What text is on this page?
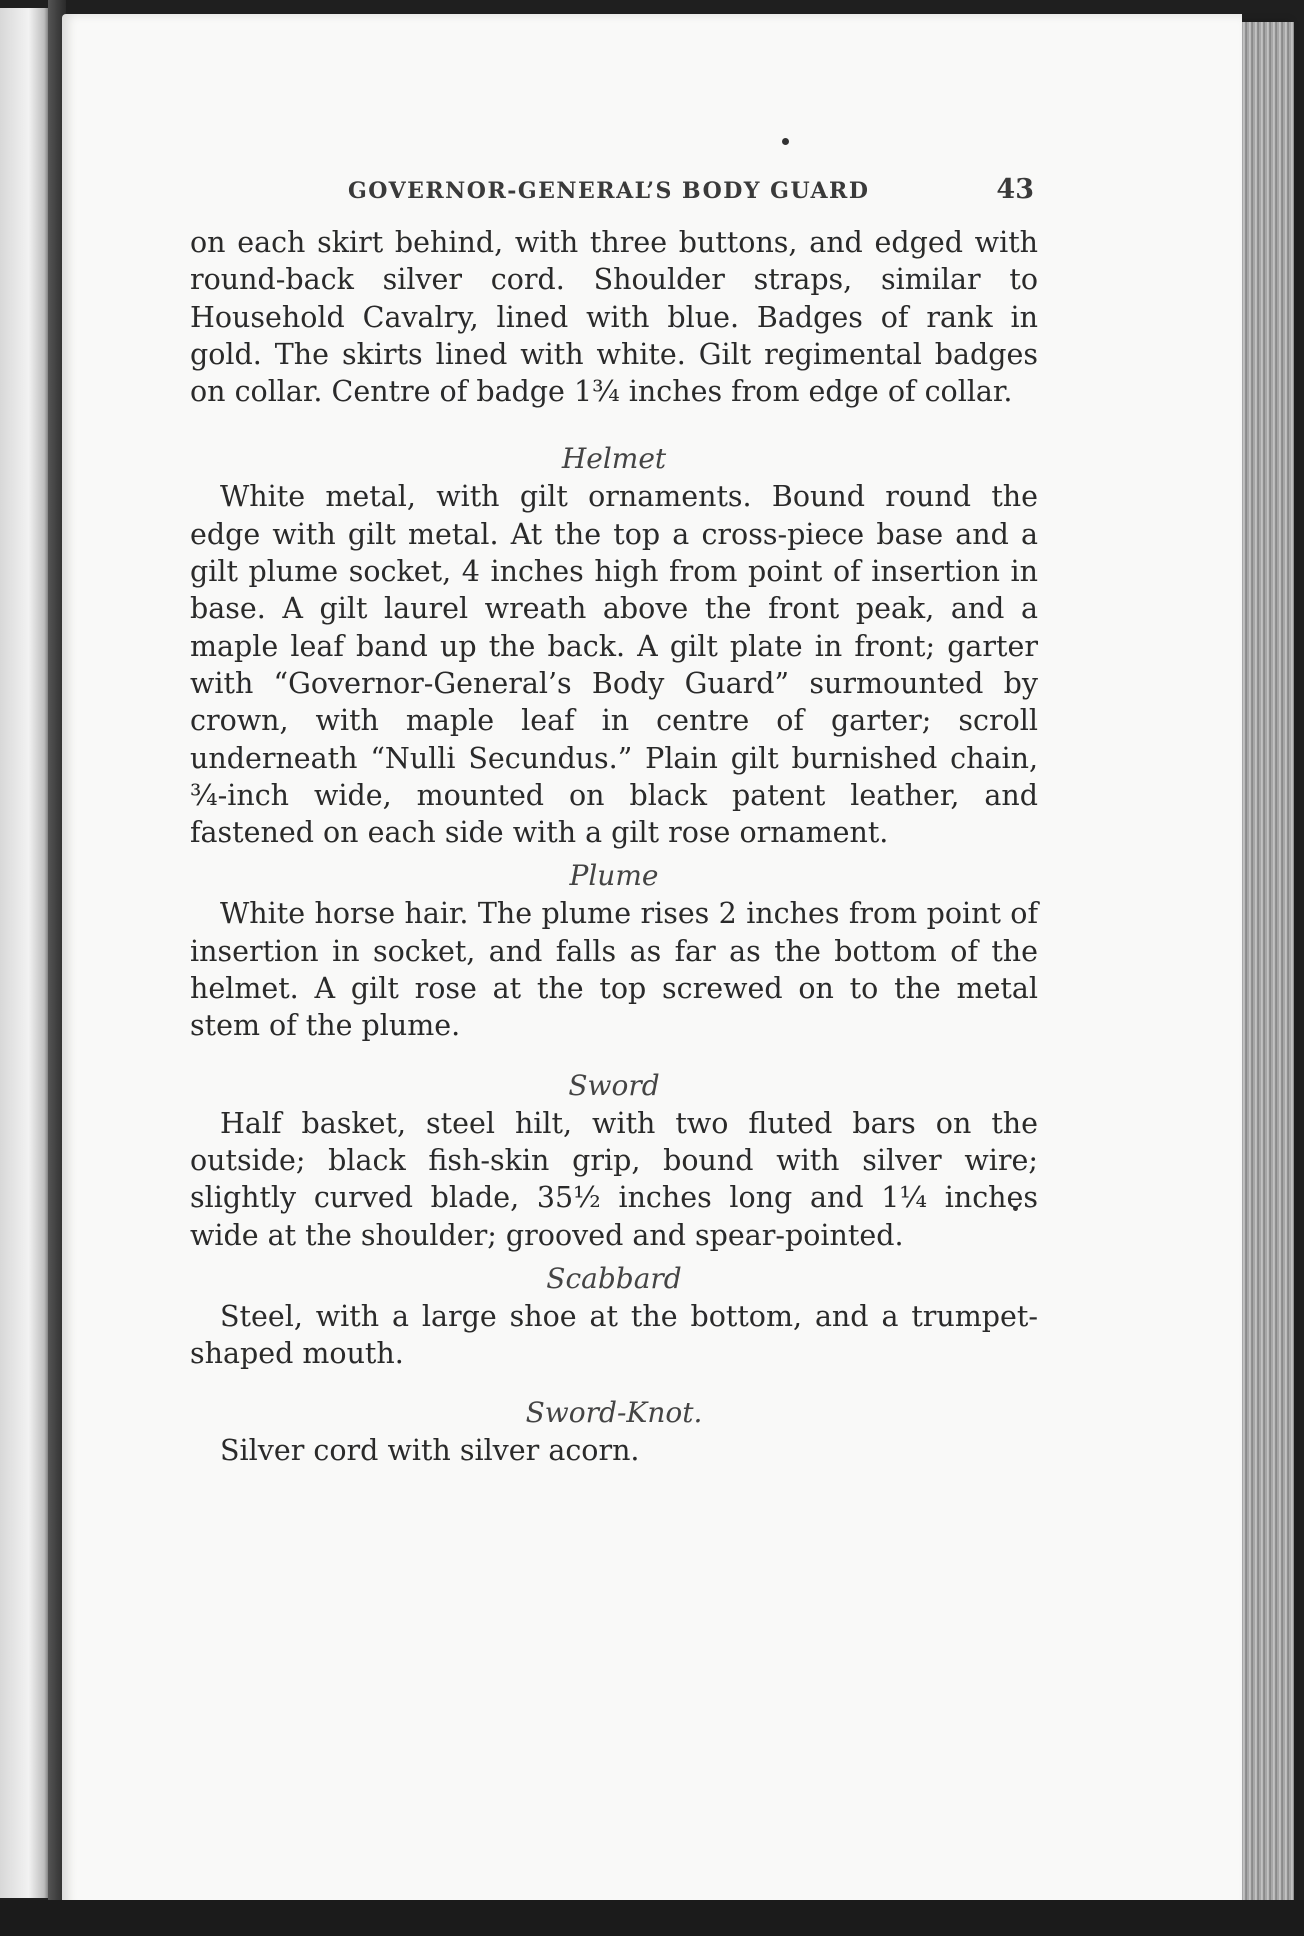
GOVERNOR-GENERAL’S BODY GUARD	43

on each skirt behind, with three buttons, and edged with round-back silver cord. Shoulder straps, similar to Household Cavalry, lined with blue. Badges of rank in gold. The skirts lined with white. Gilt regimental badges on collar. Centre of badge 1¾ inches from edge of collar.

Helmet

White metal, with gilt ornaments. Bound round the edge with gilt metal. At the top a cross-piece base and a gilt plume socket, 4 inches high from point of insertion in base. A gilt laurel wreath above the front peak, and a maple leaf band up the back. A gilt plate in front; garter with “Governor-General’s Body Guard” surmounted by crown, with maple leaf in centre of garter; scroll underneath “Nulli Secundus.” Plain gilt burnished chain, ¾-inch wide, mounted on black patent leather, and fastened on each side with a gilt rose ornament.

Plume

White horse hair. The plume rises 2 inches from point of insertion in socket, and falls as far as the bottom of the helmet. A gilt rose at the top screwed on to the metal stem of the plume.

Sword

Half basket, steel hilt, with two fluted bars on the outside; black fish-skin grip, bound with silver wire; slightly curved blade, 35½ inches long and 1¼ inches wide at the shoulder; grooved and spear-pointed.

Scabbard

Steel, with a large shoe at the bottom, and a trumpet-shaped mouth.

Sword-Knot.

Silver cord with silver acorn.
